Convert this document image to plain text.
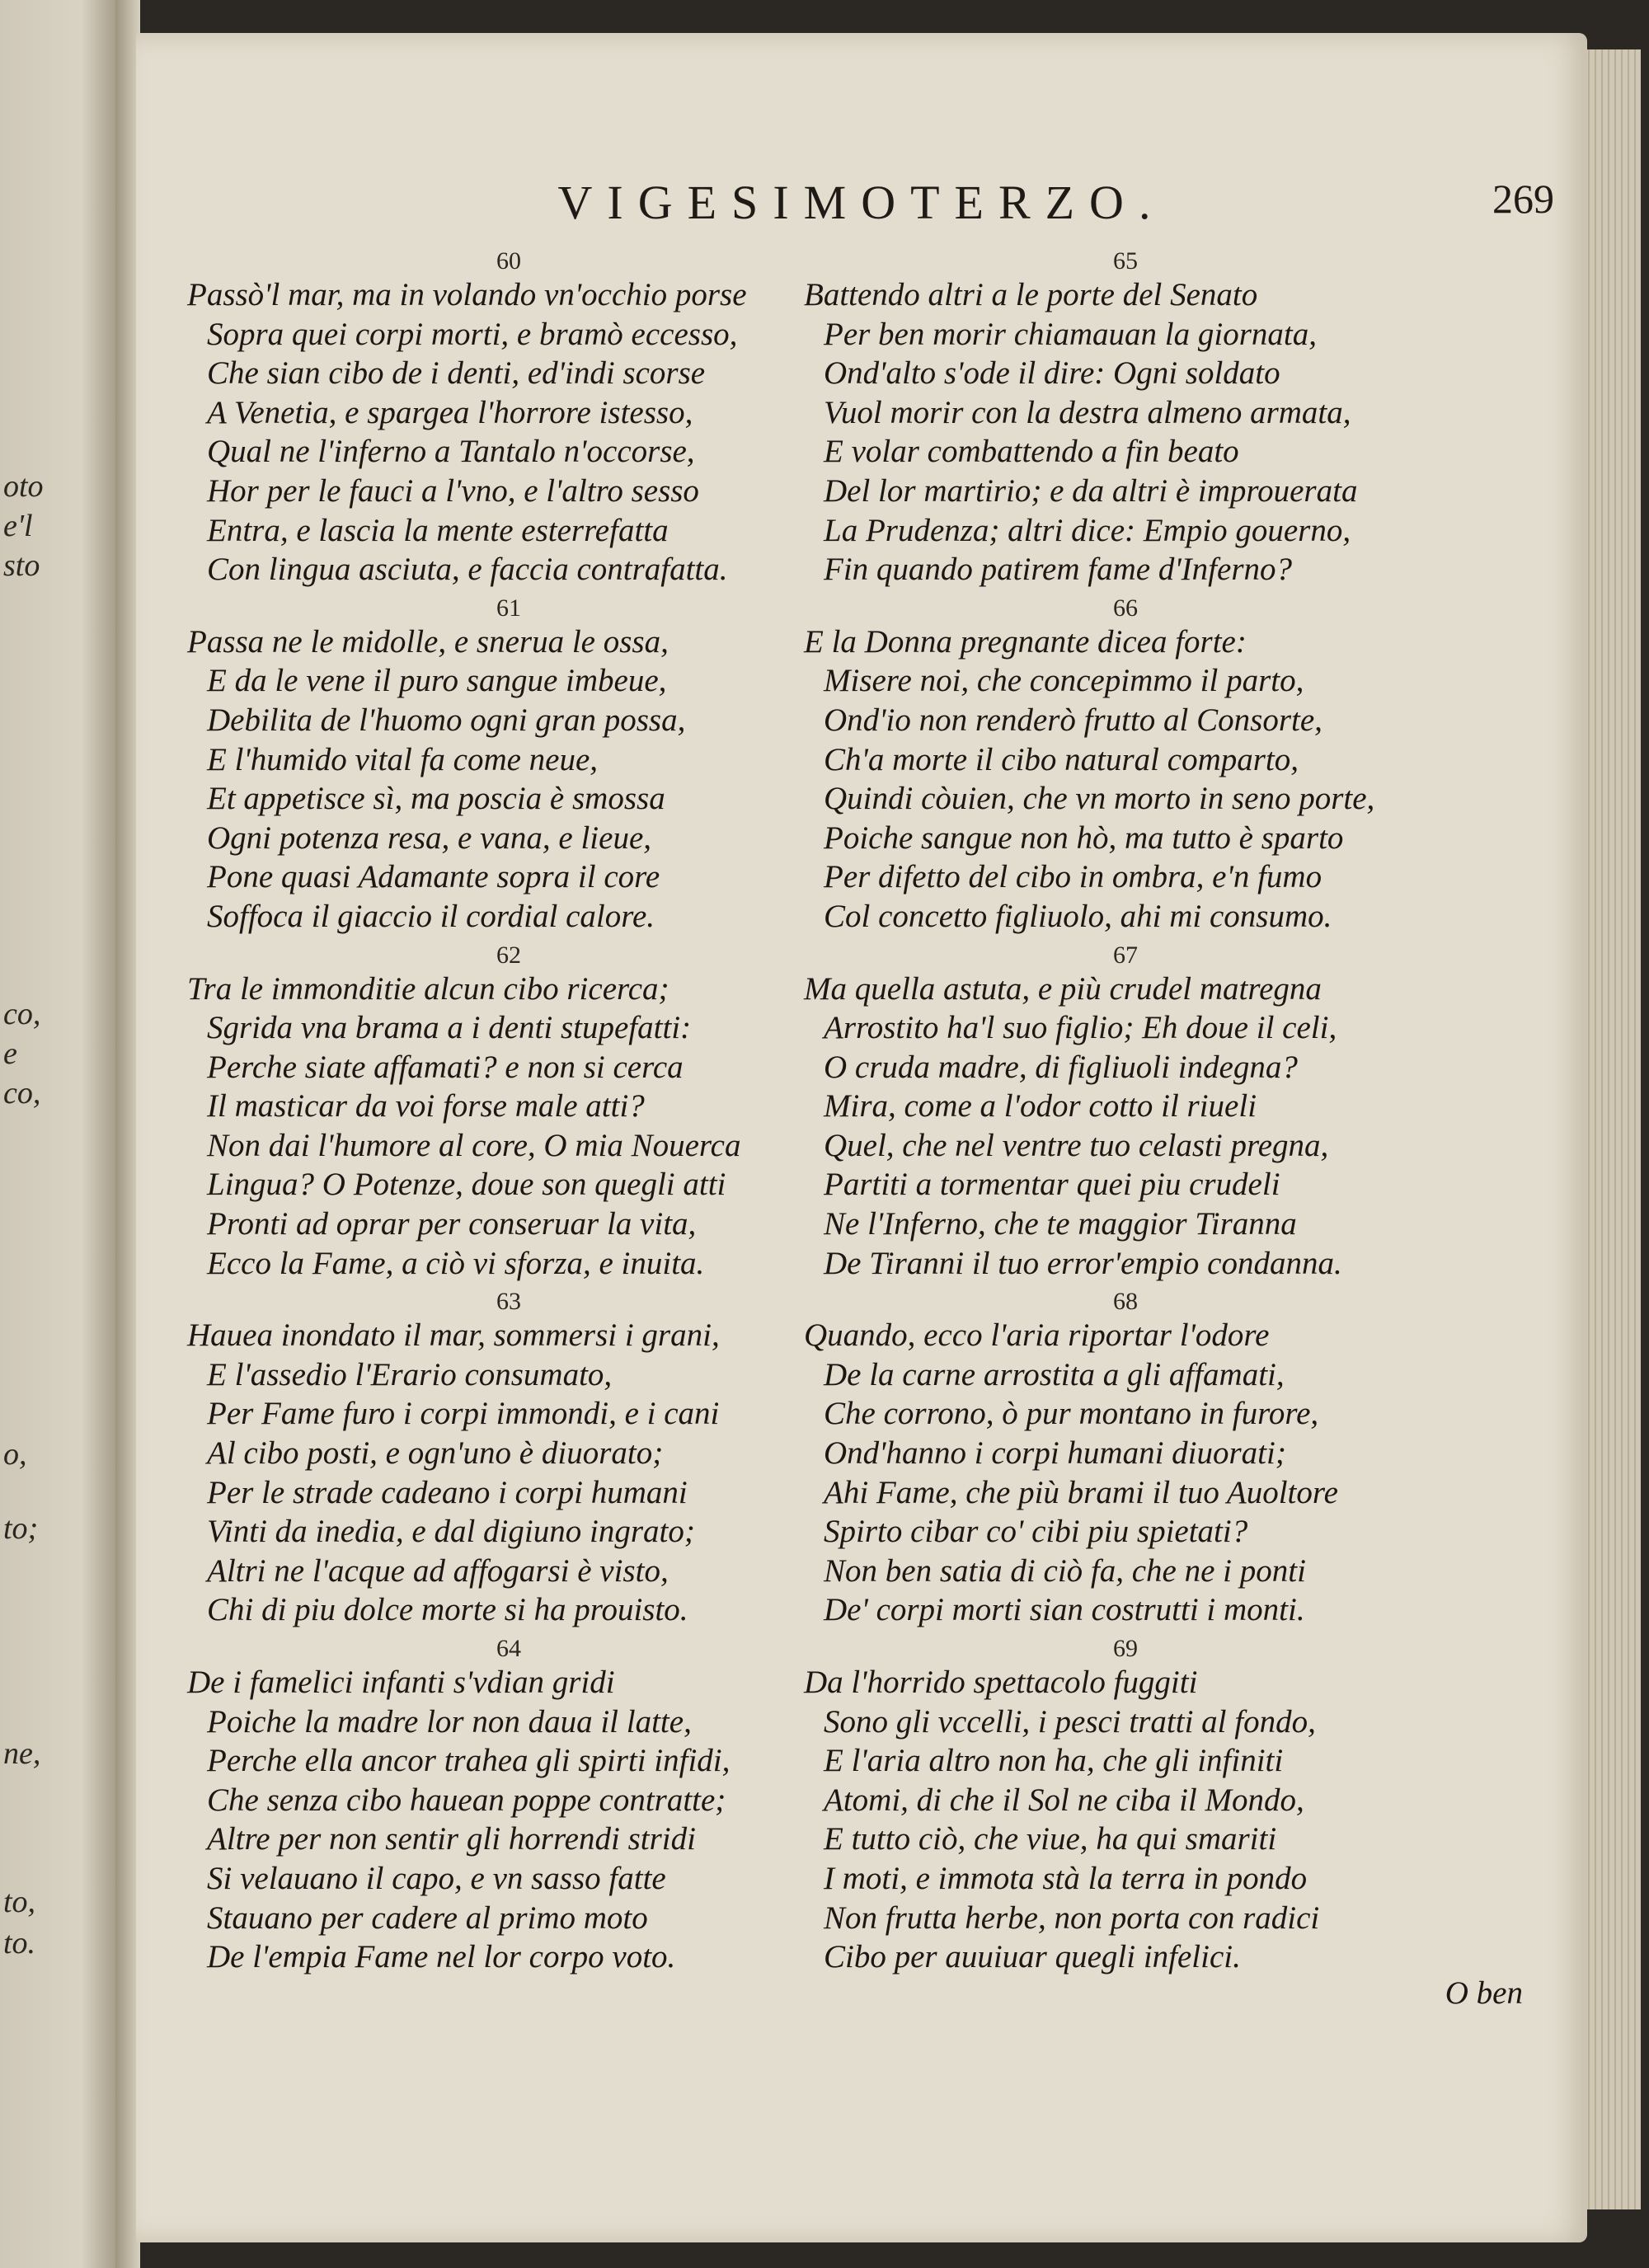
oto
e'l
sto
co,
e
co,
o,
to;
ne,
to,
to.
VIGESIMOTERZO.	269
60
Passò'l mar, ma in volando vn'occhio porse
Sopra quei corpi morti, e bramò eccesso,
Che sian cibo de i denti, ed'indi scorse
A Venetia, e spargea l'horrore istesso,
Qual ne l'inferno a Tantalo n'occorse,
Hor per le fauci a l'vno, e l'altro sesso
Entra, e lascia la mente esterrefatta
Con lingua asciuta, e faccia contrafatta.
61
Passa ne le midolle, e snerua le ossa,
E da le vene il puro sangue imbeue,
Debilita de l'huomo ogni gran possa,
E l'humido vital fa come neue,
Et appetisce sì, ma poscia è smossa
Ogni potenza resa, e vana, e lieue,
Pone quasi Adamante sopra il core
Soffoca il giaccio il cordial calore.
62
Tra le immonditie alcun cibo ricerca;
Sgrida vna brama a i denti stupefatti:
Perche siate affamati? e non si cerca
Il masticar da voi forse male atti?
Non dai l'humore al core, O mia Nouerca
Lingua? O Potenze, doue son quegli atti
Pronti ad oprar per conseruar la vita,
Ecco la Fame, a ciò vi sforza, e inuita.
63
Hauea inondato il mar, sommersi i grani,
E l'assedio l'Erario consumato,
Per Fame furo i corpi immondi, e i cani
Al cibo posti, e ogn'uno è diuorato;
Per le strade cadeano i corpi humani
Vinti da inedia, e dal digiuno ingrato;
Altri ne l'acque ad affogarsi è visto,
Chi di piu dolce morte si ha prouisto.
64
De i famelici infanti s'vdian gridi
Poiche la madre lor non daua il latte,
Perche ella ancor trahea gli spirti infidi,
Che senza cibo hauean poppe contratte;
Altre per non sentir gli horrendi stridi
Si velauano il capo, e vn sasso fatte
Stauano per cadere al primo moto
De l'empia Fame nel lor corpo voto.
65
Battendo altri a le porte del Senato
Per ben morir chiamauan la giornata,
Ond'alto s'ode il dire: Ogni soldato
Vuol morir con la destra almeno armata,
E volar combattendo a fin beato
Del lor martirio; e da altri è improuerata
La Prudenza; altri dice: Empio gouerno,
Fin quando patirem fame d'Inferno?
66
E la Donna pregnante dicea forte:
Misere noi, che concepimmo il parto,
Ond'io non renderò frutto al Consorte,
Ch'a morte il cibo natural comparto,
Quindi còuien, che vn morto in seno porte,
Poiche sangue non hò, ma tutto è sparto
Per difetto del cibo in ombra, e'n fumo
Col concetto figliuolo, ahi mi consumo.
67
Ma quella astuta, e più crudel matregna
Arrostito ha'l suo figlio; Eh doue il celi,
O cruda madre, di figliuoli indegna?
Mira, come a l'odor cotto il riueli
Quel, che nel ventre tuo celasti pregna,
Partiti a tormentar quei piu crudeli
Ne l'Inferno, che te maggior Tiranna
De Tiranni il tuo error'empio condanna.
68
Quando, ecco l'aria riportar l'odore
De la carne arrostita a gli affamati,
Che corrono, ò pur montano in furore,
Ond'hanno i corpi humani diuorati;
Ahi Fame, che più brami il tuo Auoltore
Spirto cibar co' cibi piu spietati?
Non ben satia di ciò fa, che ne i ponti
De' corpi morti sian costrutti i monti.
69
Da l'horrido spettacolo fuggiti
Sono gli vccelli, i pesci tratti al fondo,
E l'aria altro non ha, che gli infiniti
Atomi, di che il Sol ne ciba il Mondo,
E tutto ciò, che viue, ha qui smariti
I moti, e immota stà la terra in pondo
Non frutta herbe, non porta con radici
Cibo per auuiuar quegli infelici.
O ben
